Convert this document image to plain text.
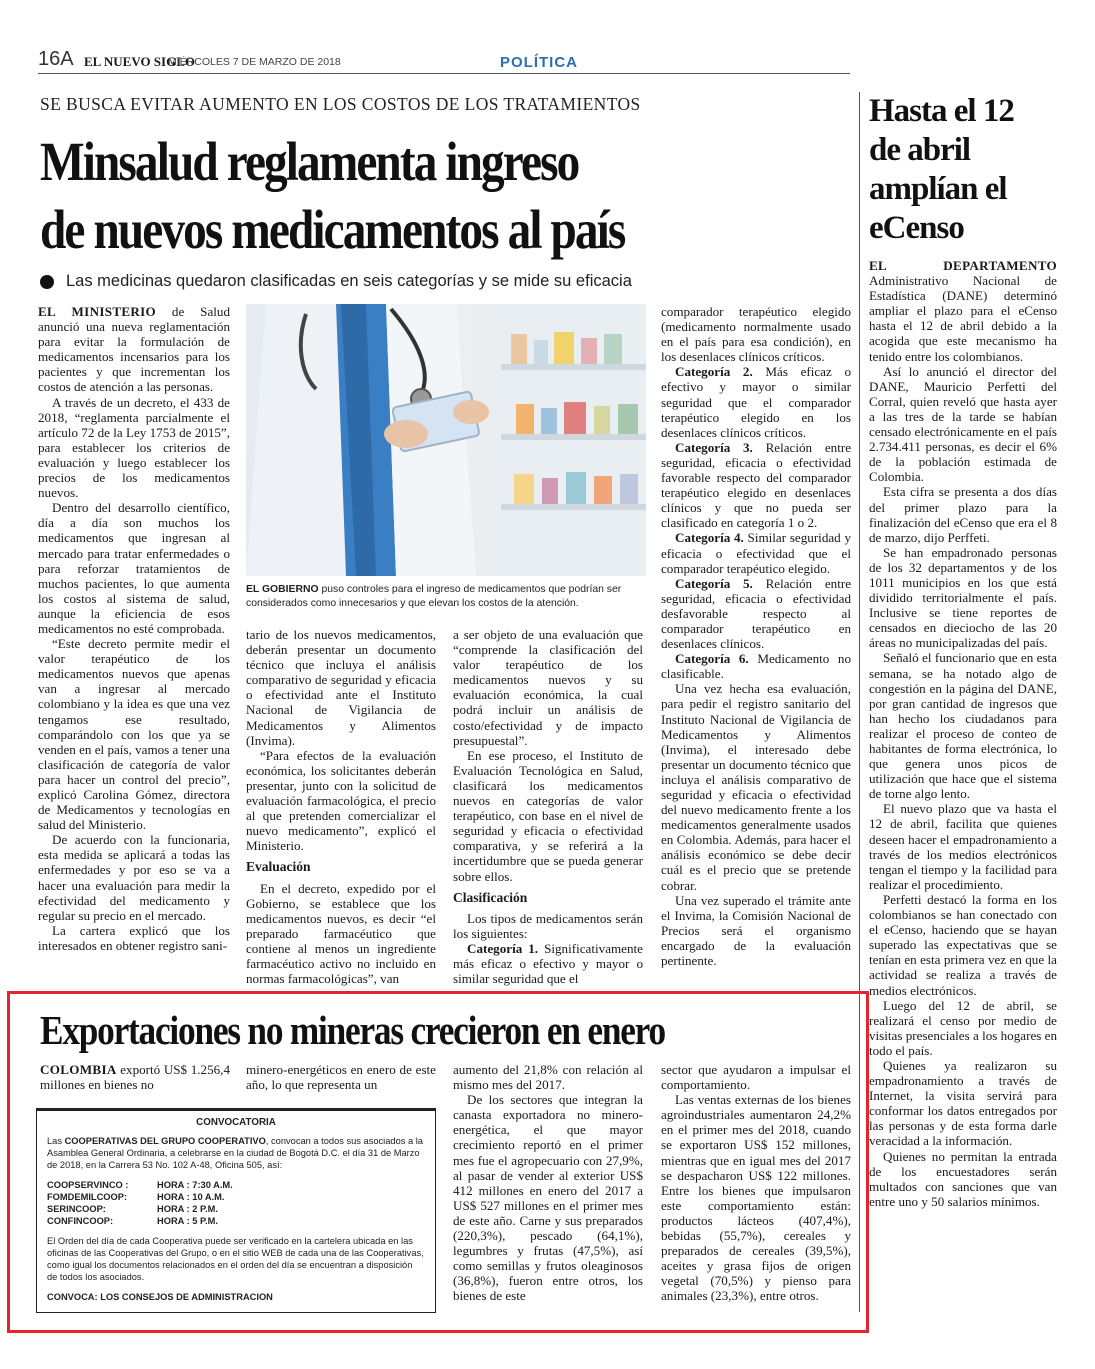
16A EL NUEVO SIGLO
MIÉRCOLES 7 DE MARZO DE 2018	POLÍTICA
SE BUSCA EVITAR AUMENTO EN LOS COSTOS DE LOS TRATAMIENTOS
Minsalud reglamenta ingreso
de nuevos medicamentos al país
Las medicinas quedaron clasificadas en seis categorías y se mide su eficacia
EL GOBIERNO puso controles para el ingreso de medicamentos que podrían ser considerados como innecesarios y que elevan los costos de la atención.

EL MINISTERIO de Salud anunció una nueva reglamentación para evitar la formulación de medicamentos incensarios para los pacientes y que incrementan los costos de atención a las personas.

A través de un decreto, el 433 de 2018, “reglamenta parcialmente el artículo 72 de la Ley 1753 de 2015”, para establecer los criterios de evaluación y luego establecer los precios de los medicamentos nuevos.

Dentro del desarrollo científico, día a día son muchos los medicamentos que ingresan al mercado para tratar enfermedades o para reforzar tratamientos de muchos pacientes, lo que aumenta los costos al sistema de salud, aunque la eficiencia de esos medicamentos no esté comprobada.

“Este decreto permite medir el valor terapéutico de los medicamentos nuevos que apenas van a ingresar al mercado colombiano y la idea es que una vez tengamos ese resultado, comparándolo con los que ya se venden en el país, vamos a tener una clasificación de categoría de valor para hacer un control del precio”, explicó Carolina Gómez, directora de Medicamentos y tecnologías en salud del Ministerio.

De acuerdo con la funcionaria, esta medida se aplicará a todas las enfermedades y por eso se va a hacer una evaluación para medir la efectividad del medicamento y regular su precio en el mercado.

La cartera explicó que los interesados en obtener registro sani-

tario de los nuevos medicamentos, deberán presentar un documento técnico que incluya el análisis comparativo de seguridad y eficacia o efectividad ante el Instituto Nacional de Vigilancia de Medicamentos y Alimentos (Invima).

“Para efectos de la evaluación económica, los solicitantes deberán presentar, junto con la solicitud de evaluación farmacológica, el precio al que pretenden comercializar el nuevo medicamento”, explicó el Ministerio.

Evaluación

En el decreto, expedido por el Gobierno, se establece que los medicamentos nuevos, es decir “el preparado farmacéutico que contiene al menos un ingrediente farmacéutico activo no incluido en normas farmacológicas”, van

a ser objeto de una evaluación que “comprende la clasificación del valor terapéutico de los medicamentos nuevos y su evaluación económica, la cual podrá incluir un análisis de costo/efectividad y de impacto presupuestal”.

En ese proceso, el Instituto de Evaluación Tecnológica en Salud, clasificará los medicamentos nuevos en categorías de valor terapéutico, con base en el nivel de seguridad y eficacia o efectividad comparativa, y se referirá a la incertidumbre que se pueda generar sobre ellos.

Clasificación

Los tipos de medicamentos serán los siguientes:

Categoría 1. Significativamente más eficaz o efectivo y mayor o similar seguridad que el

comparador terapéutico elegido (medicamento normalmente usado en el país para esa condición), en los desenlaces clínicos críticos.

Categoría 2. Más eficaz o efectivo y mayor o similar seguridad que el comparador terapéutico elegido en los desenlaces clínicos críticos.

Categoría 3. Relación entre seguridad, eficacia o efectividad favorable respecto del comparador terapéutico elegido en desenlaces clínicos y que no pueda ser clasificado en categoría 1 o 2.

Categoría 4. Similar seguridad y eficacia o efectividad que el comparador terapéutico elegido.

Categoría 5. Relación entre seguridad, eficacia o efectividad desfavorable respecto al comparador terapéutico en desenlaces clínicos.

Categoría 6. Medicamento no clasificable.

Una vez hecha esa evaluación, para pedir el registro sanitario del Instituto Nacional de Vigilancia de Medicamentos y Alimentos (Invima), el interesado debe presentar un documento técnico que incluya el análisis comparativo de seguridad y eficacia o efectividad del nuevo medicamento frente a los medicamentos generalmente usados en Colombia. Además, para hacer el análisis económico se debe decir cuál es el precio que se pretende cobrar.

Una vez superado el trámite ante el Invima, la Comisión Nacional de Precios será el organismo encargado de la evaluación pertinente.

Hasta el 12 de abril amplían el eCenso

EL DEPARTAMENTO Administrativo Nacional de Estadística (DANE) determinó ampliar el plazo para el eCenso hasta el 12 de abril debido a la acogida que este mecanismo ha tenido entre los colombianos.

Así lo anunció el director del DANE, Mauricio Perfetti del Corral, quien reveló que hasta ayer a las tres de la tarde se habían censado electrónicamente en el país 2.734.411 personas, es decir el 6% de la población estimada de Colombia.

Esta cifra se presenta a dos días del primer plazo para la finalización del eCenso que era el 8 de marzo, dijo Perffeti.

Se han empadronado personas de los 32 departamentos y de los 1011 municipios en los que está dividido territorialmente el país. Inclusive se tiene reportes de censados en dieciocho de las 20 áreas no municipalizadas del país.

Señaló el funcionario que en esta semana, se ha notado algo de congestión en la página del DANE, por gran cantidad de ingresos que han hecho los ciudadanos para realizar el proceso de conteo de habitantes de forma electrónica, lo que genera unos picos de utilización que hace que el sistema de torne algo lento.

El nuevo plazo que va hasta el 12 de abril, facilita que quienes deseen hacer el empadronamiento a través de los medios electrónicos tengan el tiempo y la facilidad para realizar el procedimiento.

Perfetti destacó la forma en los colombianos se han conectado con el eCenso, haciendo que se hayan superado las expectativas que se tenían en esta primera vez en que la actividad se realiza a través de medios electrónicos.

Luego del 12 de abril, se realizará el censo por medio de visitas presenciales a los hogares en todo el país.

Quienes ya realizaron su empadronamiento a través de Internet, la visita servirá para conformar los datos entregados por las personas y de esta forma darle veracidad a la información.

Quienes no permitan la entrada de los encuestadores serán multados con sanciones que van entre uno y 50 salarios mínimos.

Exportaciones no mineras crecieron en enero

COLOMBIA exportó US$ 1.256,4 millones en bienes no

minero-energéticos en enero de este año, lo que representa un

aumento del 21,8% con relación al mismo mes del 2017.

De los sectores que integran la canasta exportadora no minero-energética, el que mayor crecimiento reportó en el primer mes fue el agropecuario con 27,9%, al pasar de vender al exterior US$ 412 millones en enero del 2017 a US$ 527 millones en el primer mes de este año. Carne y sus preparados (220,3%), pescado (64,1%), legumbres y frutas (47,5%), así como semillas y frutos oleaginosos (36,8%), fueron entre otros, los bienes de este

sector que ayudaron a impulsar el comportamiento.

Las ventas externas de los bienes agroindustriales aumentaron 24,2% en el primer mes del 2018, cuando se exportaron US$ 152 millones, mientras que en igual mes del 2017 se despacharon US$ 122 millones. Entre los bienes que impulsaron este comportamiento están: productos lácteos (407,4%), bebidas (55,7%), cereales y preparados de cereales (39,5%), aceites y grasa fijos de origen vegetal (70,5%) y pienso para animales (23,3%), entre otros.

CONVOCATORIA
Las COOPERATIVAS DEL GRUPO COOPERATIVO, convocan a todos sus asociados a la Asamblea General Ordinaria, a celebrarse en la ciudad de Bogotá D.C. el día 31 de Marzo de 2018, en la Carrera 53 No. 102 A-48, Oficina 505, así:
COOPSERVINCO :	HORA : 7:30 A.M.
FOMDEMILCOOP:	HORA : 10 A.M.
SERINCOOP:	HORA : 2 P.M.
CONFINCOOP:	HORA : 5 P.M.
El Orden del día de cada Cooperativa puede ser verificado en la cartelera ubicada en las oficinas de las Cooperativas del Grupo, o en el sitio WEB de cada una de las Cooperativas, como igual los documentos relacionados en el orden del día se encuentran a disposición de todos los asociados.
CONVOCA: LOS CONSEJOS DE ADMINISTRACION
